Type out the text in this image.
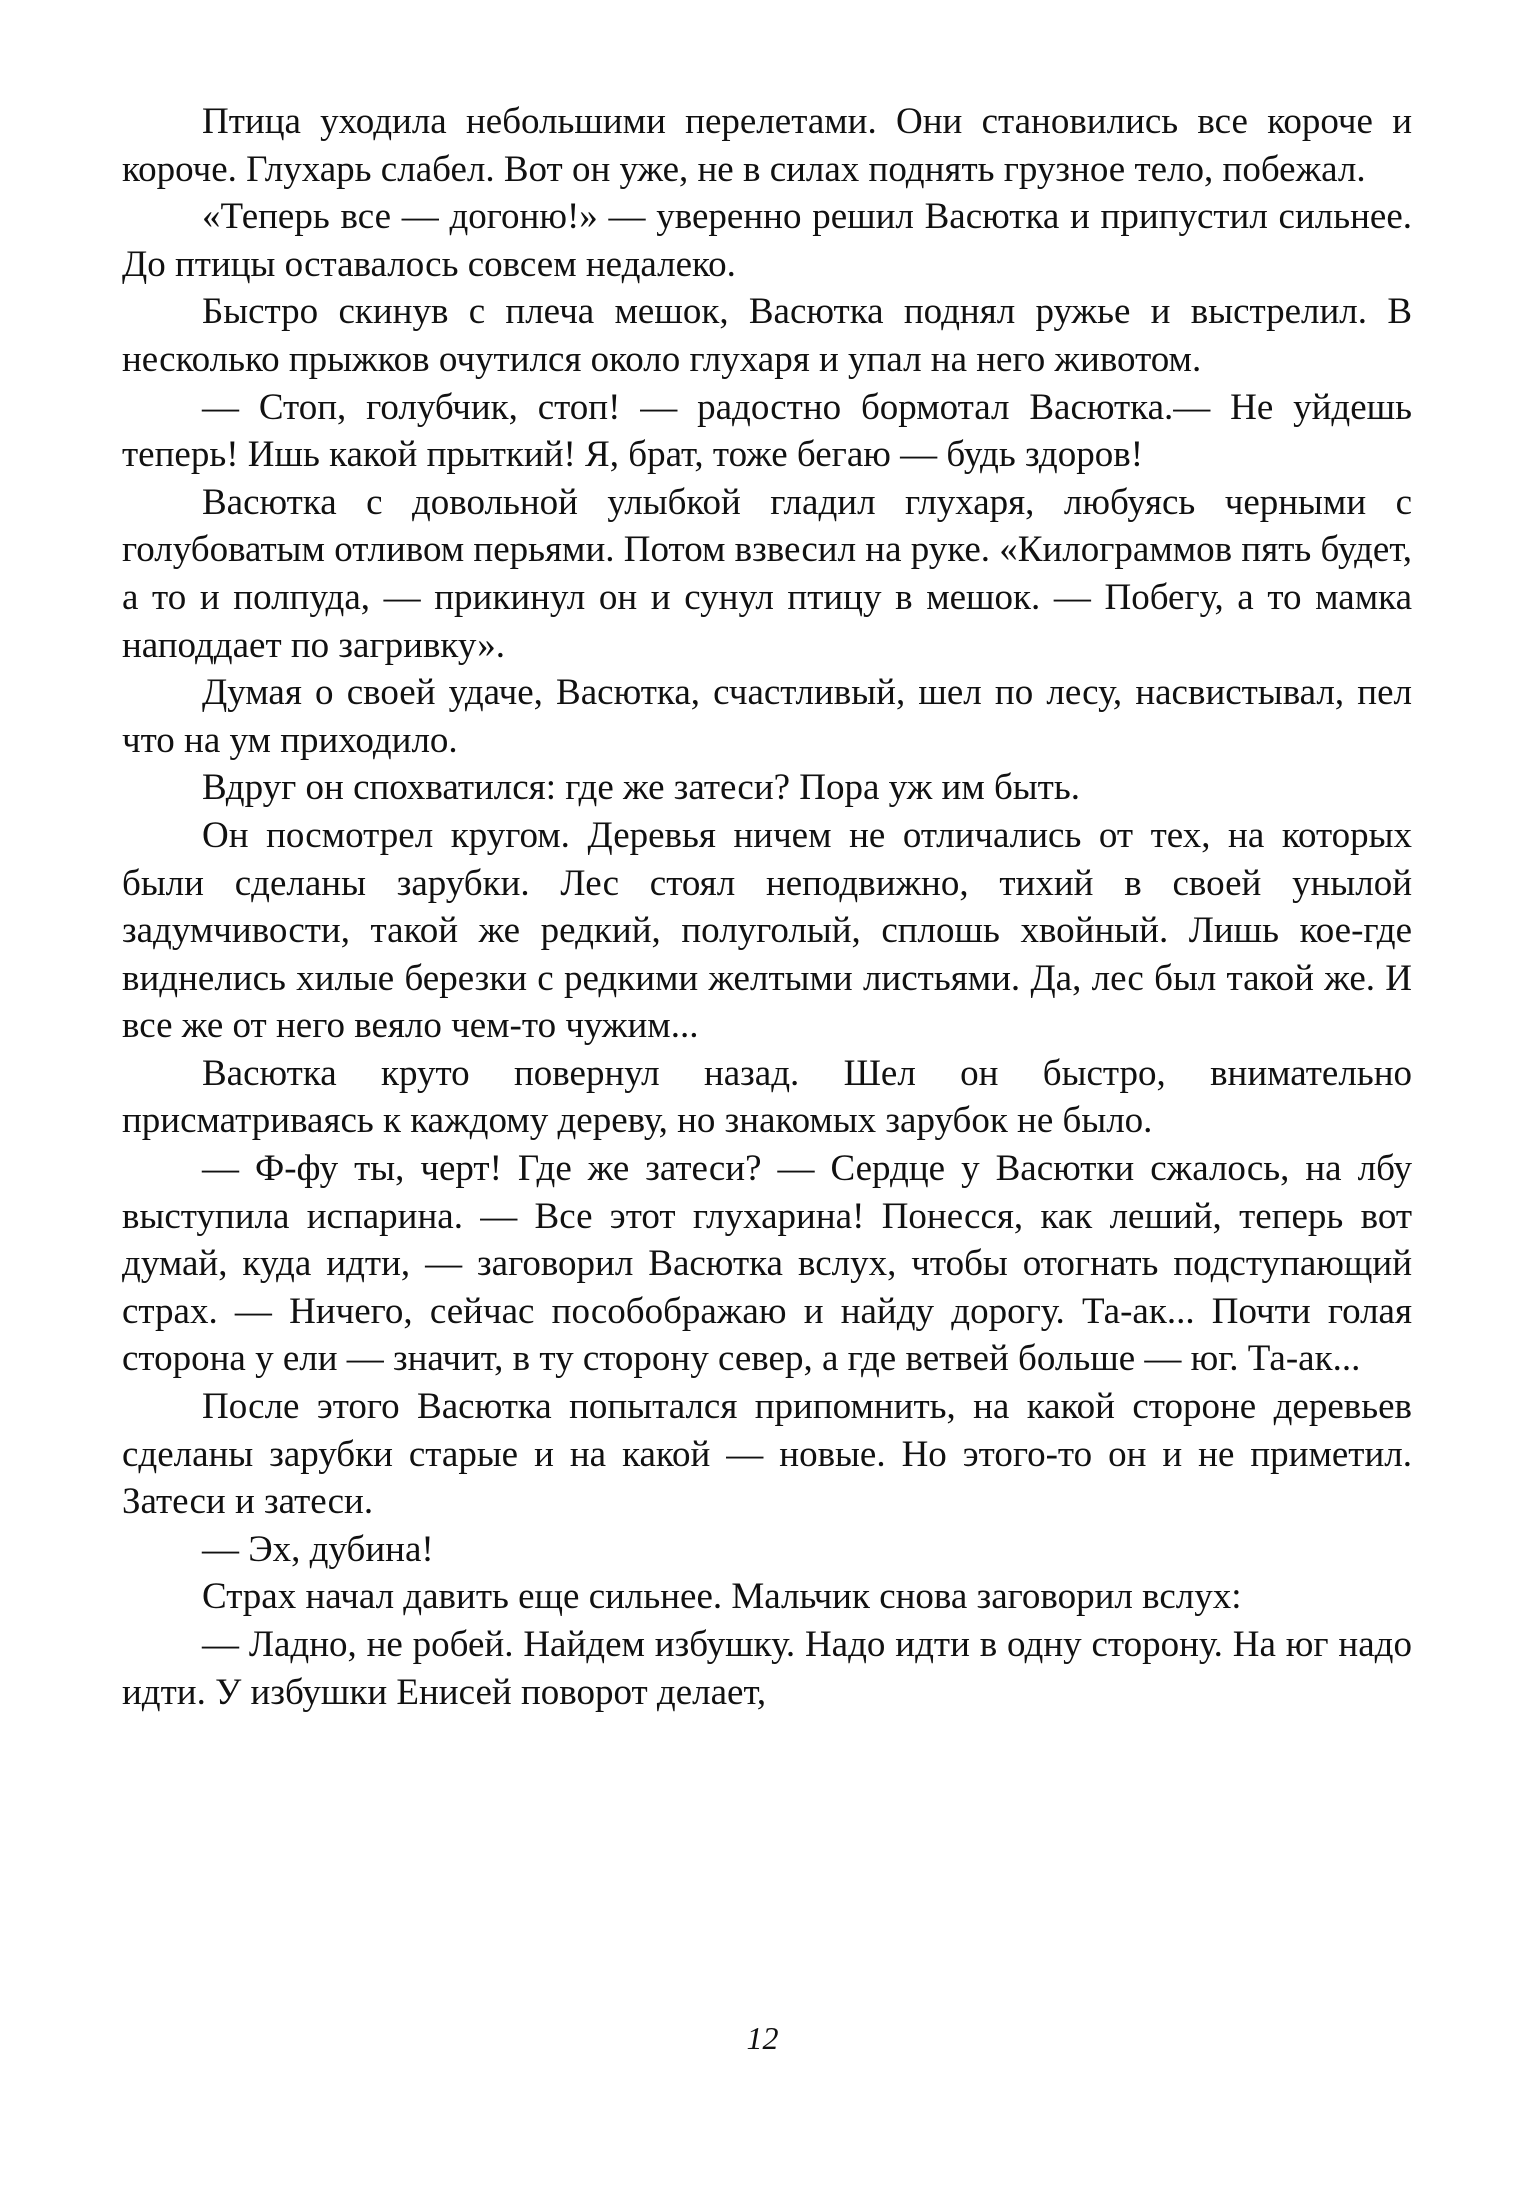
Птица уходила небольшими перелетами. Они становились все короче и короче. Глухарь слабел. Вот он уже, не в силах поднять грузное тело, побежал.

«Теперь все — догоню!» — уверенно решил Васютка и припустил сильнее. До птицы оставалось совсем недалеко.

Быстро скинув с плеча мешок, Васютка поднял ружье и выстрелил. В несколько прыжков очутился около глухаря и упал на него животом.

— Стоп, голубчик, стоп! — радостно бормотал Васютка.— Не уйдешь теперь! Ишь какой прыткий! Я, брат, тоже бегаю — будь здоров!

Васютка с довольной улыбкой гладил глухаря, любуясь черными с голубоватым отливом перьями. Потом взвесил на руке. «Килограммов пять будет, а то и полпуда, — прикинул он и сунул птицу в мешок. — Побегу, а то мамка наподдает по загривку».

Думая о своей удаче, Васютка, счастливый, шел по лесу, насвистывал, пел что на ум приходило.

Вдруг он спохватился: где же затеси? Пора уж им быть.

Он посмотрел кругом. Деревья ничем не отличались от тех, на которых были сделаны зарубки. Лес стоял неподвижно, тихий в своей унылой задумчивости, такой же редкий, полуголый, сплошь хвойный. Лишь кое-где виднелись хилые березки с редкими желтыми листьями. Да, лес был такой же. И все же от него веяло чем-то чужим...

Васютка круто повернул назад. Шел он быстро, внимательно присматриваясь к каждому дереву, но знакомых зарубок не было.

— Ф-фу ты, черт! Где же затеси? — Сердце у Васютки сжалось, на лбу выступила испарина. — Все этот глухарина! Понесся, как леший, теперь вот думай, куда идти, — заговорил Васютка вслух, чтобы отогнать подступающий страх. — Ничего, сейчас пособображаю и найду дорогу. Та-ак... Почти голая сторона у ели — значит, в ту сторону север, а где ветвей больше — юг. Та-ак...

После этого Васютка попытался припомнить, на какой стороне деревьев сделаны зарубки старые и на какой — новые. Но этого-то он и не приметил. Затеси и затеси.

— Эх, дубина!

Страх начал давить еще сильнее. Мальчик снова заговорил вслух:

— Ладно, не робей. Найдем избушку. Надо идти в одну сторону. На юг надо идти. У избушки Енисей поворот делает,

12
